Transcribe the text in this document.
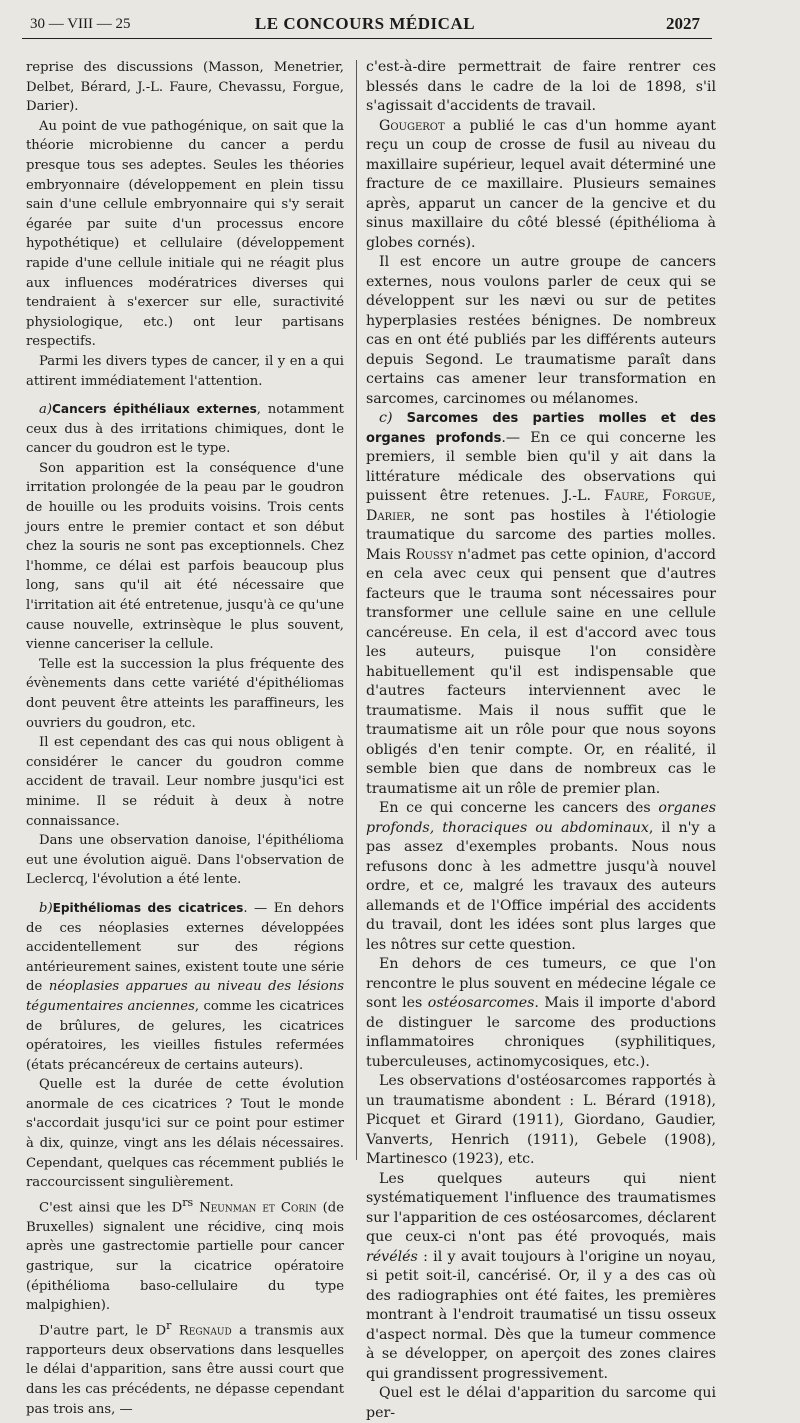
30 — VIII — 25	LE CONCOURS MÉDICAL	2027

reprise des discussions (Masson, Menetrier, Delbet, Bérard, J.-L. Faure, Chevassu, Forgue, Darier).

Au point de vue pathogénique, on sait que la théorie microbienne du cancer a perdu presque tous ses adeptes. Seules les théories embryonnaire (développement en plein tissu sain d'une cellule embryonnaire qui s'y serait égarée par suite d'un processus encore hypothétique) et cellulaire (développement rapide d'une cellule initiale qui ne réagit plus aux influences modératrices diverses qui tendraient à s'exercer sur elle, suractivité physiologique, etc.) ont leur partisans respectifs.

Parmi les divers types de cancer, il y en a qui attirent immédiatement l'attention.

a)Cancers épithéliaux externes, notamment ceux dus à des irritations chimiques, dont le cancer du goudron est le type.

Son apparition est la conséquence d'une irritation prolongée de la peau par le goudron de houille ou les produits voisins. Trois cents jours entre le premier contact et son début chez la souris ne sont pas exceptionnels. Chez l'homme, ce délai est parfois beaucoup plus long, sans qu'il ait été nécessaire que l'irritation ait été entretenue, jusqu'à ce qu'une cause nouvelle, extrinsèque le plus souvent, vienne canceriser la cellule.

Telle est la succession la plus fréquente des évènements dans cette variété d'épithéliomas dont peuvent être atteints les paraffineurs, les ouvriers du goudron, etc.

Il est cependant des cas qui nous obligent à considérer le cancer du goudron comme accident de travail. Leur nombre jusqu'ici est minime. Il se réduit à deux à notre connaissance.

Dans une observation danoise, l'épithélioma eut une évolution aiguë. Dans l'observation de Leclercq, l'évolution a été lente.

b)Epithéliomas des cicatrices. — En dehors de ces néoplasies externes développées accidentellement sur des régions antérieurement saines, existent toute une série de néoplasies apparues au niveau des lésions tégumentaires anciennes, comme les cicatrices de brûlures, de gelures, les cicatrices opératoires, les vieilles fistules refermées (états précancéreux de certains auteurs).

Quelle est la durée de cette évolution anormale de ces cicatrices ? Tout le monde s'accordait jusqu'ici sur ce point pour estimer à dix, quinze, vingt ans les délais nécessaires. Cependant, quelques cas récemment publiés le raccourcissent singulièrement.

C'est ainsi que les $D^{rs}$ Neunman et Corin (de Bruxelles) signalent une récidive, cinq mois après une gastrectomie partielle pour cancer gastrique, sur la cicatrice opératoire (épithélioma baso-cellulaire du type malpighien).

D'autre part, le $D^r$ Regnaud a transmis aux rapporteurs deux observations dans lesquelles le délai d'apparition, sans être aussi court que dans les cas précédents, ne dépasse cependant pas trois ans, —

c'est-à-dire permettrait de faire rentrer ces blessés dans le cadre de la loi de 1898, s'il s'agissait d'accidents de travail.

Gougerot a publié le cas d'un homme ayant reçu un coup de crosse de fusil au niveau du maxillaire supérieur, lequel avait déterminé une fracture de ce maxillaire. Plusieurs semaines après, apparut un cancer de la gencive et du sinus maxillaire du côté blessé (épithélioma à globes cornés).

Il est encore un autre groupe de cancers externes, nous voulons parler de ceux qui se développent sur les nævi ou sur de petites hyperplasies restées bénignes. De nombreux cas en ont été publiés par les différents auteurs depuis Segond. Le traumatisme paraît dans certains cas amener leur transformation en sarcomes, carcinomes ou mélanomes.

c) Sarcomes des parties molles et des organes profonds.— En ce qui concerne les premiers, il semble bien qu'il y ait dans la littérature médicale des observations qui puissent être retenues. J.-L. Faure, Forgue, Darier, ne sont pas hostiles à l'étiologie traumatique du sarcome des parties molles. Mais Roussy n'admet pas cette opinion, d'accord en cela avec ceux qui pensent que d'autres facteurs que le trauma sont nécessaires pour transformer une cellule saine en une cellule cancéreuse. En cela, il est d'accord avec tous les auteurs, puisque l'on considère habituellement qu'il est indispensable que d'autres facteurs interviennent avec le traumatisme. Mais il nous suffit que le traumatisme ait un rôle pour que nous soyons obligés d'en tenir compte. Or, en réalité, il semble bien que dans de nombreux cas le traumatisme ait un rôle de premier plan.

En ce qui concerne les cancers des organes profonds, thoraciques ou abdominaux, il n'y a pas assez d'exemples probants. Nous nous refusons donc à les admettre jusqu'à nouvel ordre, et ce, malgré les travaux des auteurs allemands et de l'Office impérial des accidents du travail, dont les idées sont plus larges que les nôtres sur cette question.

En dehors de ces tumeurs, ce que l'on rencontre le plus souvent en médecine légale ce sont les ostéosarcomes. Mais il importe d'abord de distinguer le sarcome des productions inflammatoires chroniques (syphilitiques, tuberculeuses, actinomycosiques, etc.).

Les observations d'ostéosarcomes rapportés à un traumatisme abondent : L. Bérard (1918), Picquet et Girard (1911), Giordano, Gaudier, Vanverts, Henrich (1911), Gebele (1908), Martinesco (1923), etc.

Les quelques auteurs qui nient systématiquement l'influence des traumatismes sur l'apparition de ces ostéosarcomes, déclarent que ceux-ci n'ont pas été provoqués, mais révélés : il y avait toujours à l'origine un noyau, si petit soit-il, cancérisé. Or, il y a des cas où des radiographies ont été faites, les premières montrant à l'endroit traumatisé un tissu osseux d'aspect normal. Dès que la tumeur commence à se développer, on aperçoit des zones claires qui grandissent progressivement.

Quel est le délai d'apparition du sarcome qui per-
